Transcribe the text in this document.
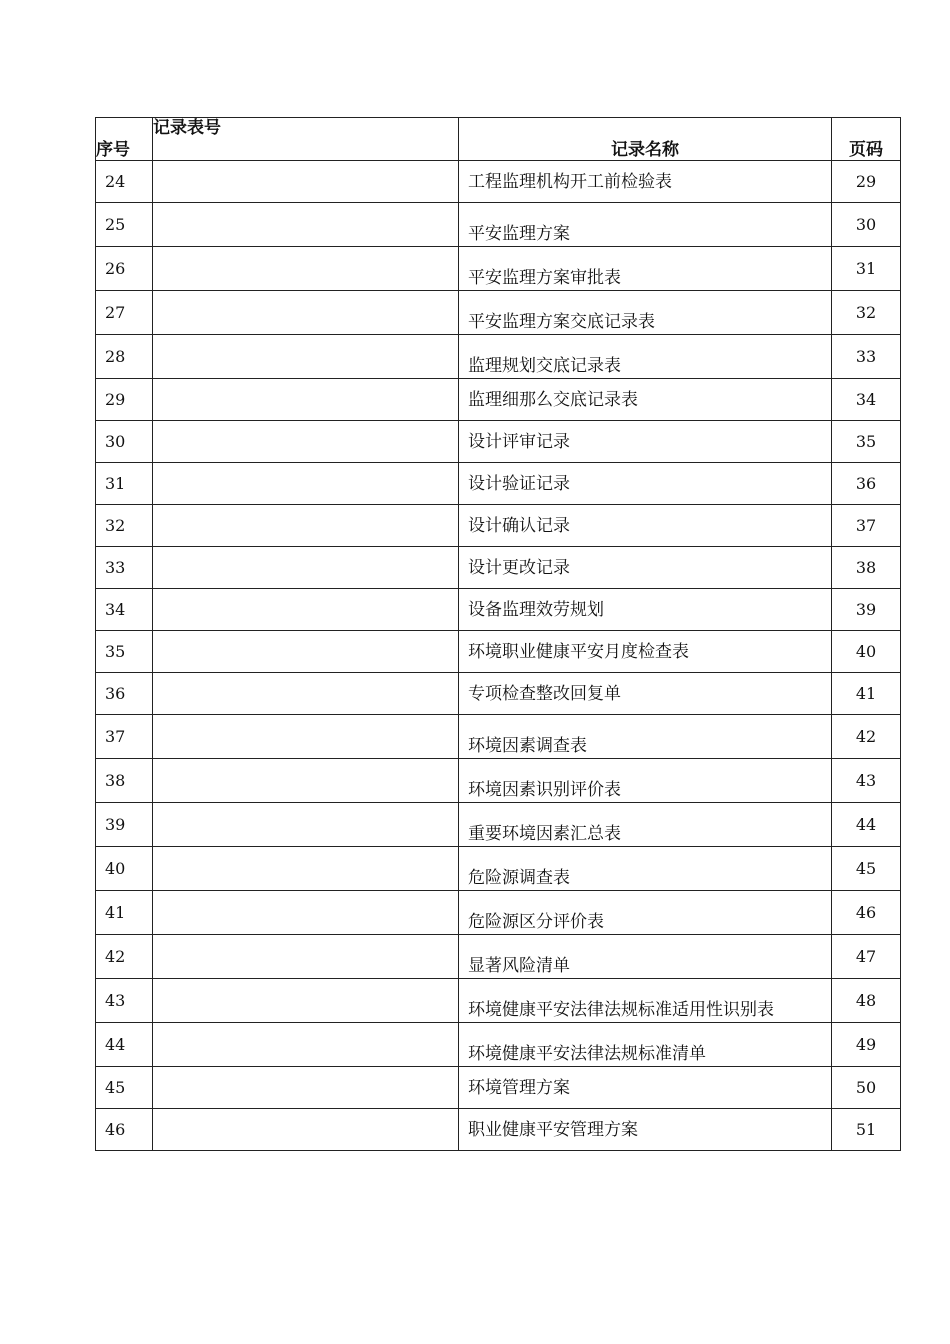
序号	记录表号	记录名称	页码
24		工程监理机构开工前检验表	29
25		平安监理方案	30
26		平安监理方案审批表	31
27		平安监理方案交底记录表	32
28		监理规划交底记录表	33
29		监理细那么交底记录表	34
30		设计评审记录	35
31		设计验证记录	36
32		设计确认记录	37
33		设计更改记录	38
34		设备监理效劳规划	39
35		环境职业健康平安月度检查表	40
36		专项检查整改回复单	41
37		环境因素调查表	42
38		环境因素识别评价表	43
39		重要环境因素汇总表	44
40		危险源调查表	45
41		危险源区分评价表	46
42		显著风险清单	47
43		环境健康平安法律法规标准适用性识别表	48
44		环境健康平安法律法规标准清单	49
45		环境管理方案	50
46		职业健康平安管理方案	51
